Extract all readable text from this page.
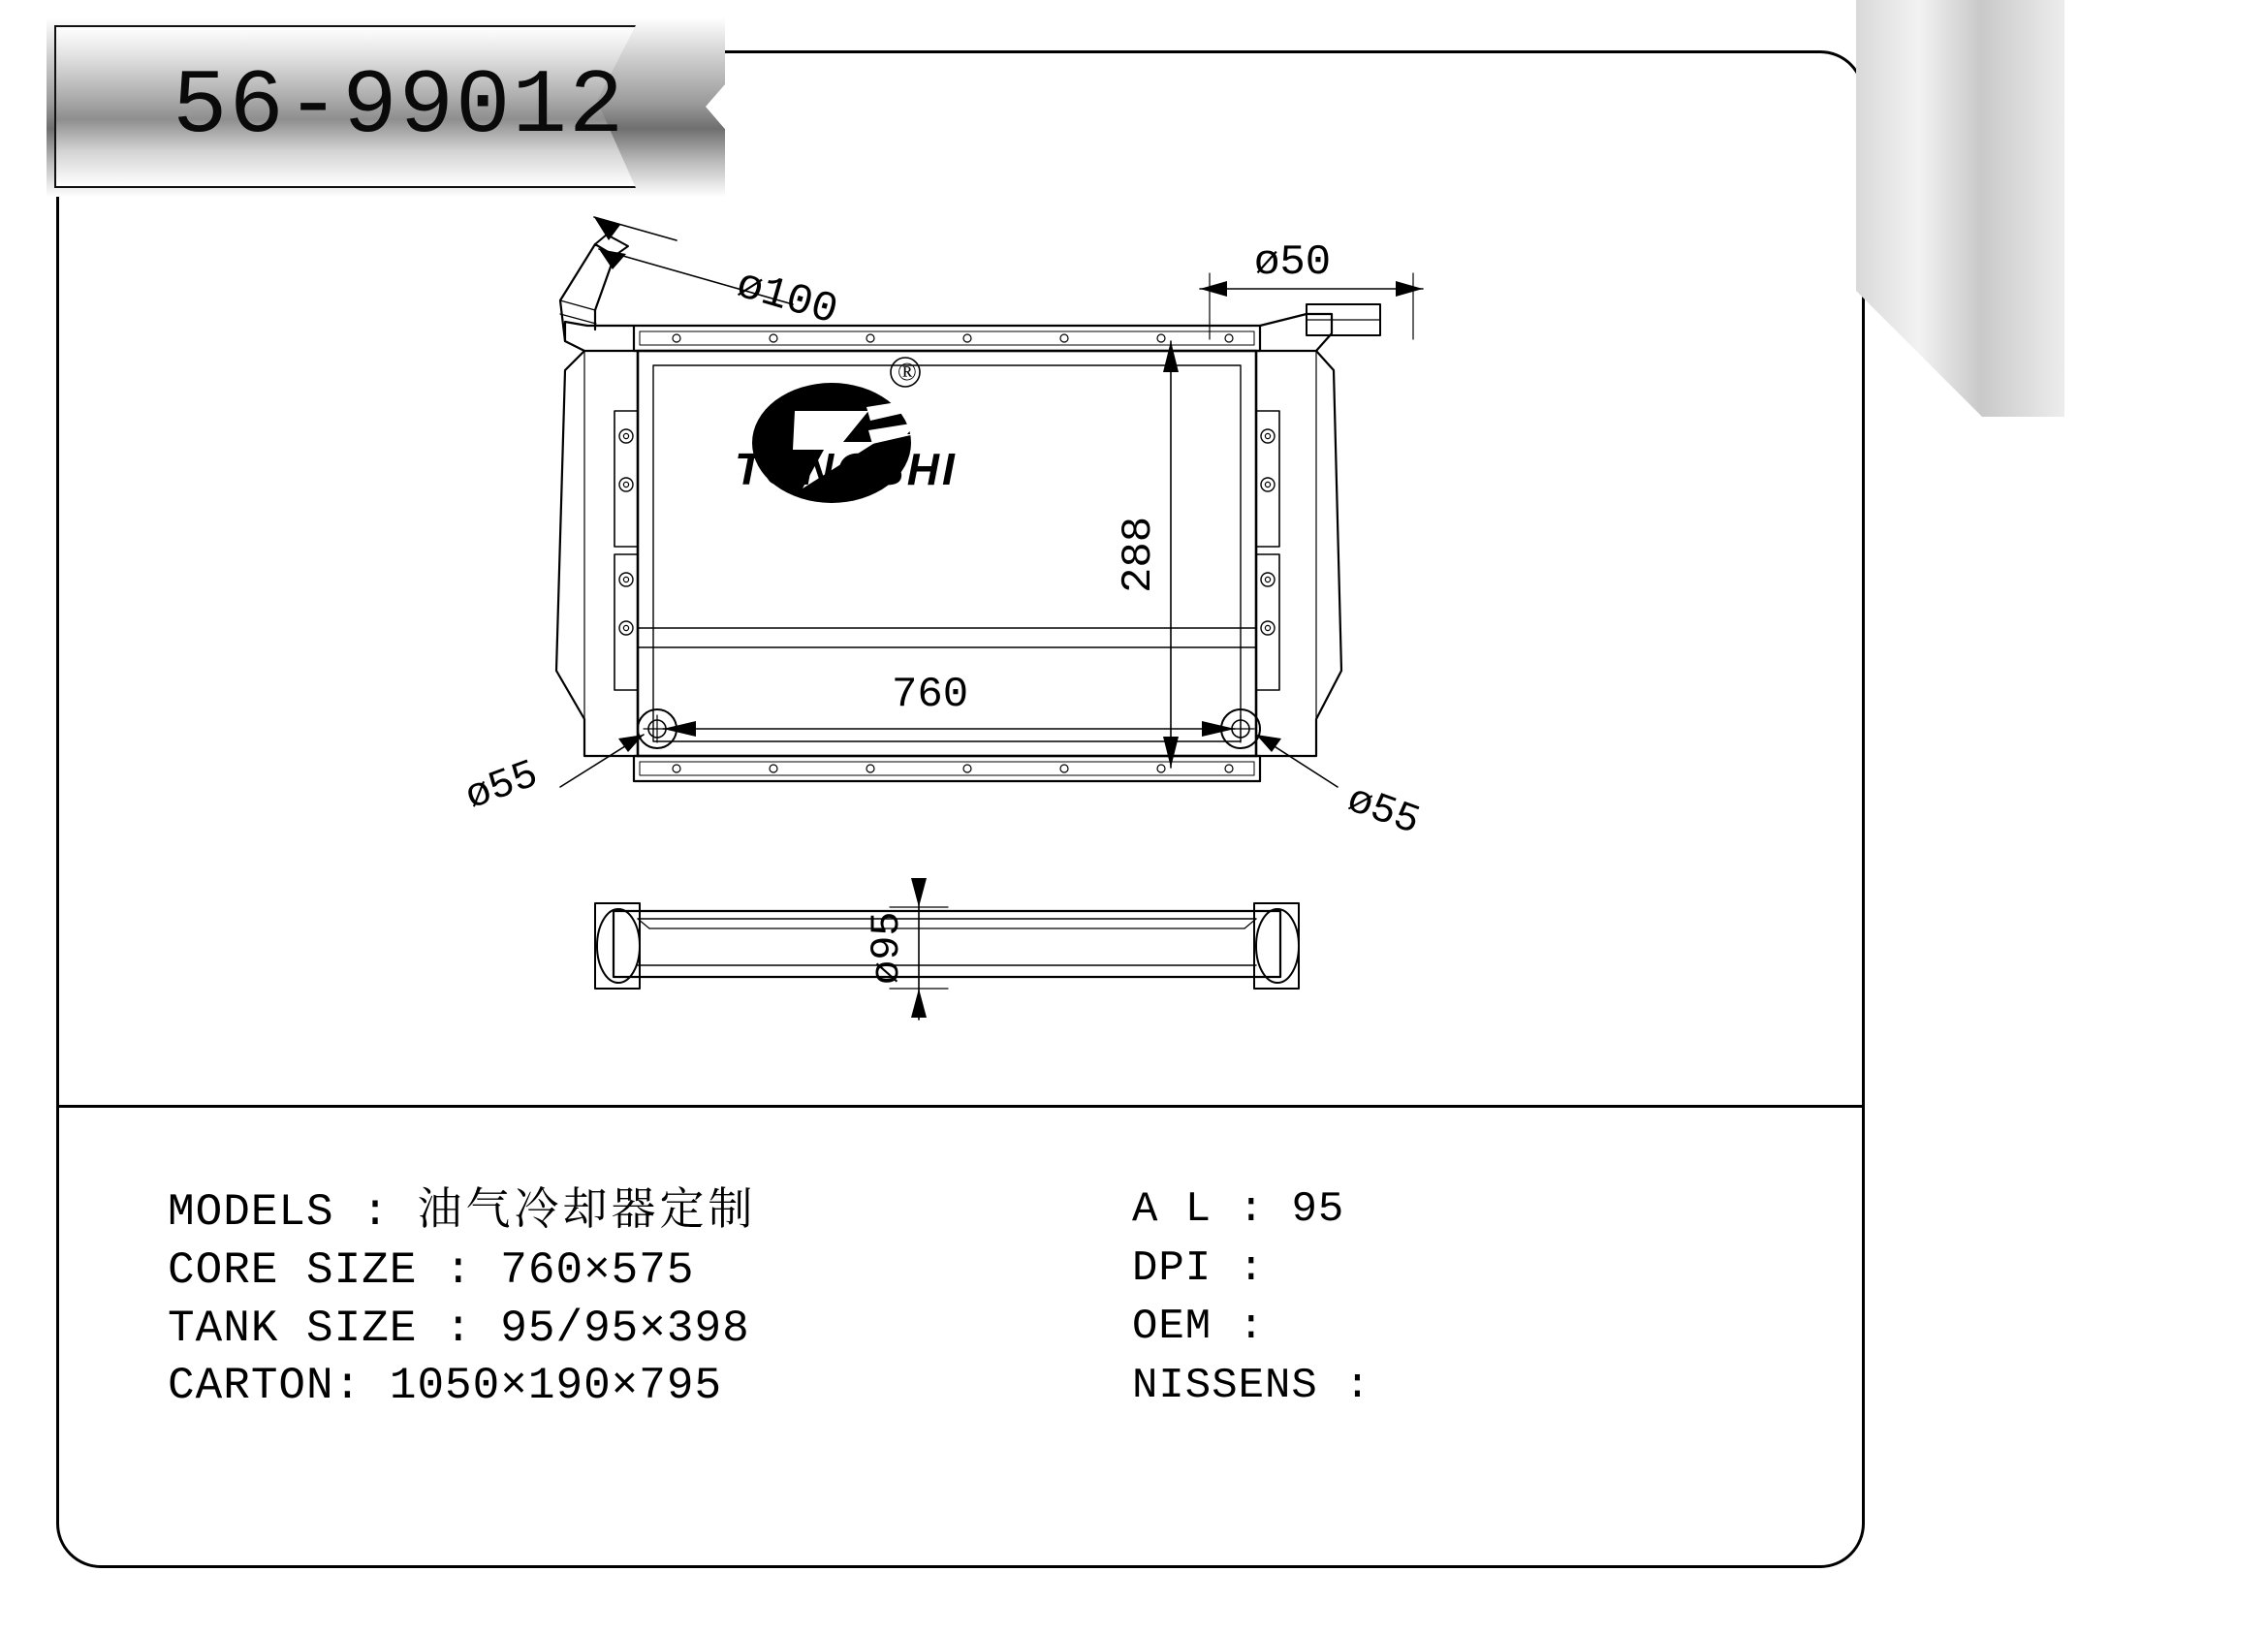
56-99012
ø100	ø50
288
760
ø55	ø55
ø95
TONGSHI
®
MODELS : 油气冷却器定制
CORE SIZE : 760×575
TANK SIZE : 95/95×398
CARTON: 1050×190×795
A L : 95
DPI :
OEM :
NISSENS :
